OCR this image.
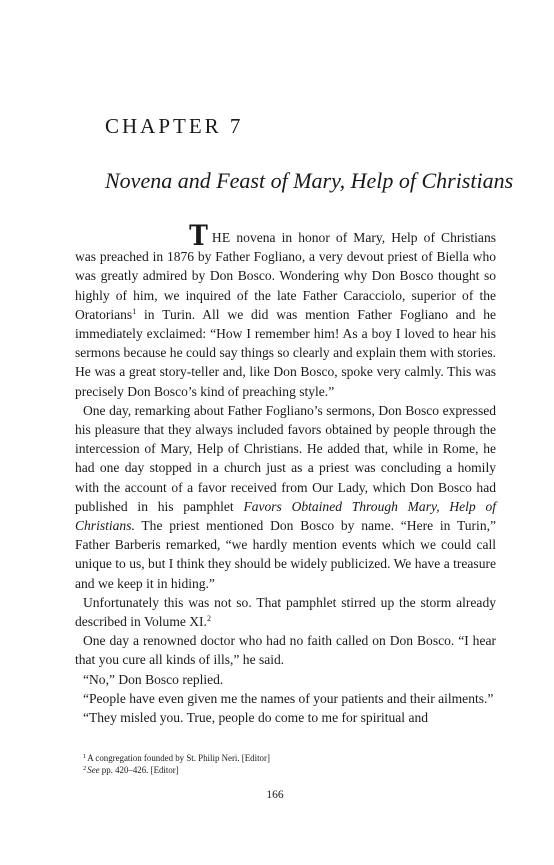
CHAPTER 7
Novena and Feast of Mary, Help of Christians

THE novena in honor of Mary, Help of Christians was preached in 1876 by Father Fogliano, a very devout priest of Biella who was greatly admired by Don Bosco. Wondering why Don Bosco thought so highly of him, we inquired of the late Father Caracciolo, superior of the Oratorians$^1$ in Turin. All we did was mention Father Fogliano and he immediately exclaimed: “How I remember him! As a boy I loved to hear his sermons because he could say things so clearly and explain them with stories. He was a great story-teller and, like Don Bosco, spoke very calmly. This was precisely Don Bosco’s kind of preaching style.”

One day, remarking about Father Fogliano’s sermons, Don Bosco expressed his pleasure that they always included favors obtained by people through the intercession of Mary, Help of Christians. He added that, while in Rome, he had one day stopped in a church just as a priest was concluding a homily with the account of a favor received from Our Lady, which Don Bosco had published in his pamphlet Favors Obtained Through Mary, Help of Christians. The priest mentioned Don Bosco by name. “Here in Turin,” Father Barberis remarked, “we hardly mention events which we could call unique to us, but I think they should be widely publicized. We have a treasure and we keep it in hiding.”

Unfortunately this was not so. That pamphlet stirred up the storm already described in Volume XI.$^2$

One day a renowned doctor who had no faith called on Don Bosco. “I hear that you cure all kinds of ills,” he said.

“No,” Don Bosco replied.

“People have even given me the names of your patients and their ailments.”

“They misled you. True, people do come to me for spiritual and

$^1$A congregation founded by St. Philip Neri. [Editor]
$^2$See pp. 420–426. [Editor]
166
